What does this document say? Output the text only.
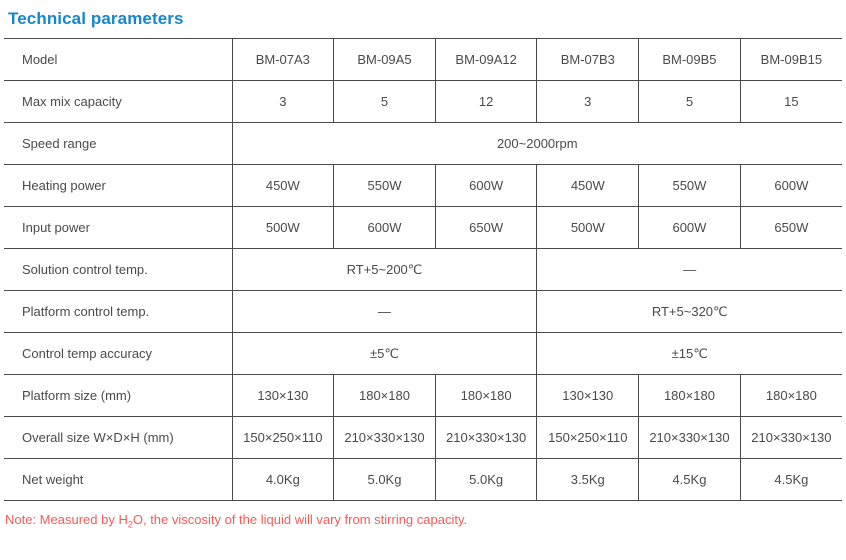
Technical parameters
Model	BM-07A3	BM-09A5	BM-09A12	BM-07B3	BM-09B5	BM-09B15
Max mix capacity	3	5	12	3	5	15
Speed range	200~2000rpm					
Heating power	450W	550W	600W	450W	550W	600W
Input power	500W	600W	650W	500W	600W	650W
Solution control temp.	RT+5~200℃			—		
Platform control temp.	—			RT+5~320℃		
Control temp accuracy	±5℃			±15℃		
Platform size (mm)	130×130	180×180	180×180	130×130	180×180	180×180
Overall size W×D×H (mm)	150×250×110	210×330×130	210×330×130	150×250×110	210×330×130	210×330×130
Net weight	4.0Kg	5.0Kg	5.0Kg	3.5Kg	4.5Kg	4.5Kg

Note: Measured by $H_2O$, the viscosity of the liquid will vary from stirring capacity.
